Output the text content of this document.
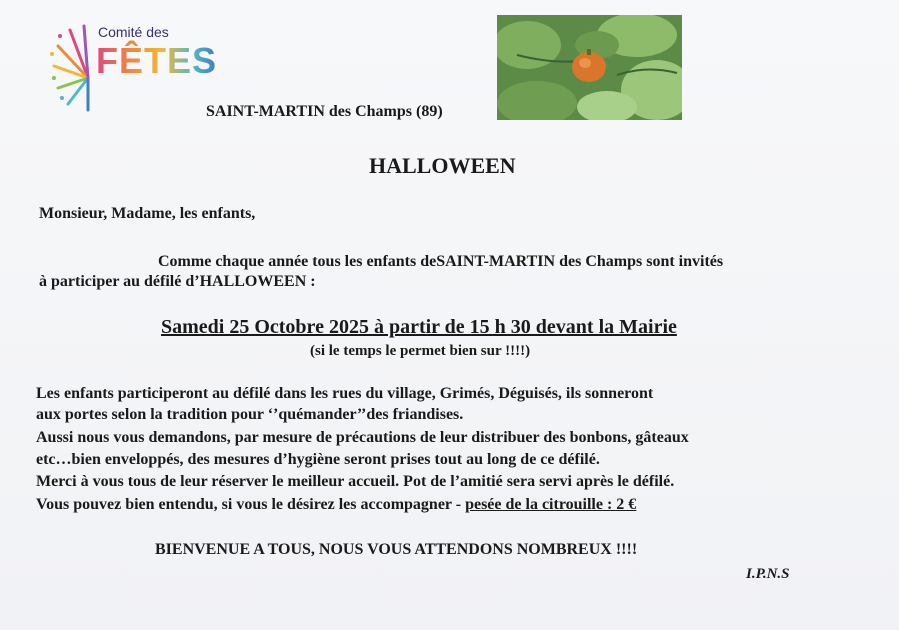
Comité des
FÊTES
SAINT-MARTIN des Champs (89)
HALLOWEEN
Monsieur, Madame, les enfants,
Comme chaque année tous les enfants deSAINT-MARTIN des Champs sont invités
à participer au défilé d’HALLOWEEN :
Samedi 25 Octobre 2025 à partir de 15 h 30 devant la Mairie
(si le temps le permet bien sur !!!!)
Les enfants participeront au défilé dans les rues du village, Grimés, Déguisés, ils sonneront
aux portes selon la tradition pour ‘’quémander’’des friandises.
Aussi nous vous demandons, par mesure de précautions de leur distribuer des bonbons, gâteaux
etc…bien enveloppés, des mesures d’hygiène seront prises tout au long de ce défilé.
Merci à vous tous de leur réserver le meilleur accueil. Pot de l’amitié sera servi après le défilé.
Vous pouvez bien entendu, si vous le désirez les accompagner - pesée de la citrouille : 2 €
BIENVENUE A TOUS, NOUS VOUS ATTENDONS NOMBREUX !!!!
I.P.N.S
